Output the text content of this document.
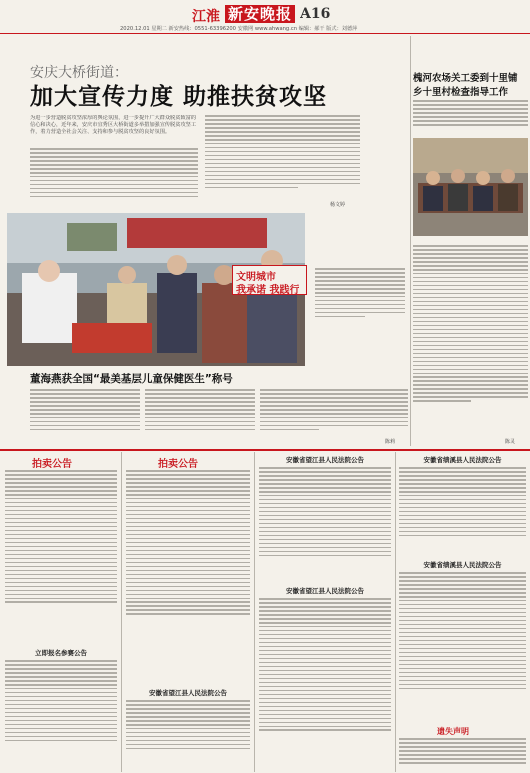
江淮 新安晚报 A16
2020.12.01 星期二 新安热线：0551-63396200 安徽网 www.ahwang.cn 编辑：郝干 版式：刘德萍
安庆大桥街道：
加大宣传力度 助推扶贫攻坚
为进一步营造脱贫攻坚浓厚的舆论氛围，进一步提升广大群众脱贫致富的信心和决心，近年来，安庆市宜秀区大桥街道多举措加强宣传脱贫攻坚工作，着力营造全社会关注、支持和参与脱贫攻坚的良好氛围。
杨文婷
文明城市
我承诺 我践行
董海燕获全国“最美基层儿童保健医生”称号
陈莉
槐河农场关工委到十里铺
乡十里村检查指导工作
陈灵
拍卖公告
立即报名参赛公告
拍卖公告
安徽省望江县人民法院公告
安徽省望江县人民法院公告
安徽省望江县人民法院公告
安徽省绩溪县人民法院公告
安徽省绩溪县人民法院公告
遗失声明
